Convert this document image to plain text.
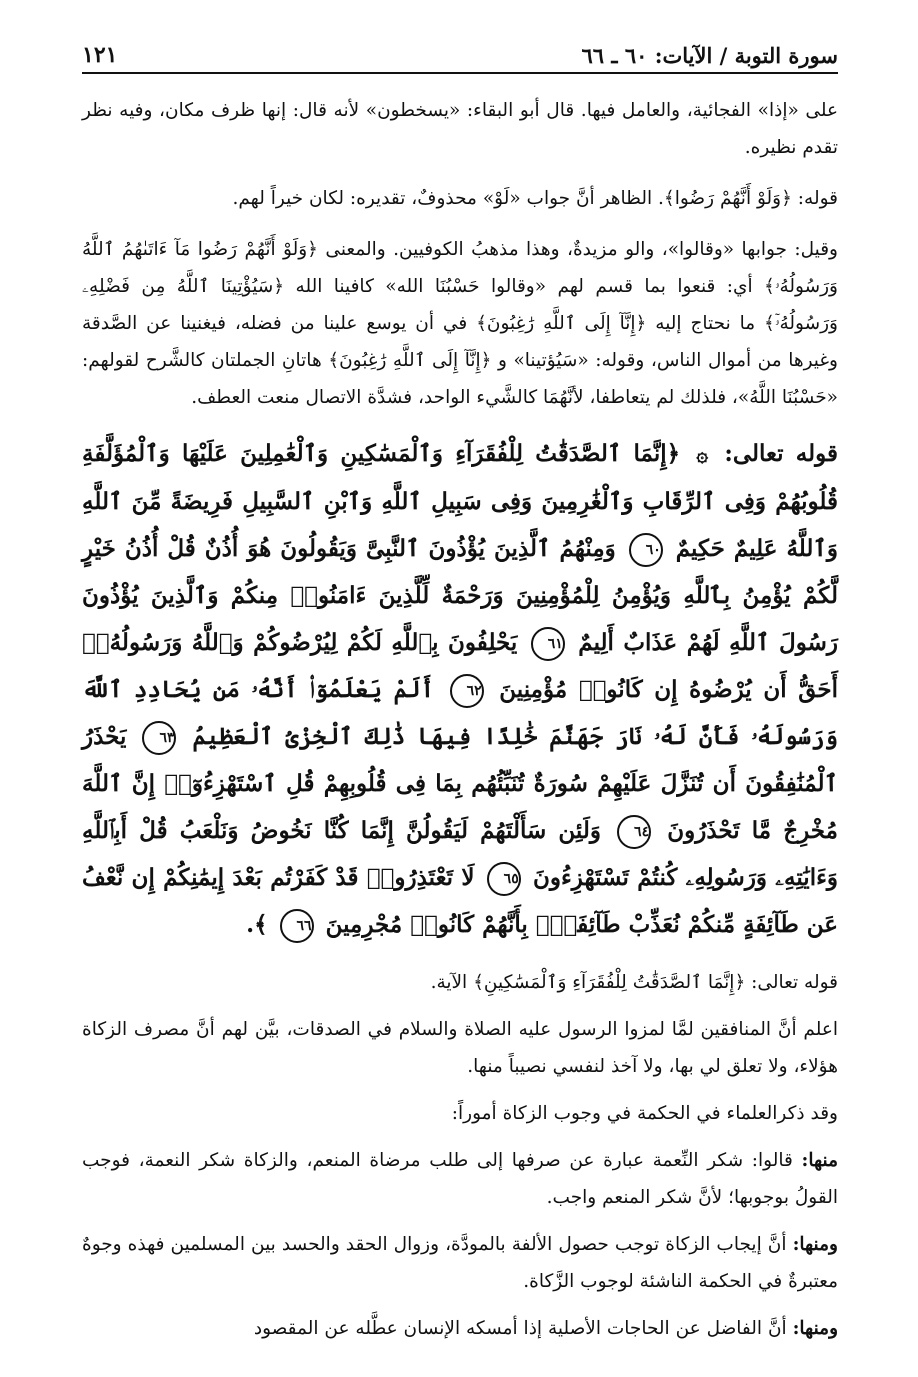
سورة التوبة / الآيات: ٦٠ ـ ٦٦
١٢١

على «إذا» الفجائية، والعامل فيها. قال أبو البقاء: «يسخطون» لأنه قال: إنها ظرف مكان، وفيه نظر تقدم نظيره.

قوله: ﴿وَلَوْ أَنَّهُمْ رَضُوا﴾. الظاهر أنَّ جواب «لَوْ» محذوفٌ، تقديره: لكان خيراً لهم.

وقيل: جوابها «وقالوا»، والو مزيدةٌ، وهذا مذهبُ الكوفيين. والمعنى ﴿وَلَوْ أَنَّهُمْ رَضُوا مَآ ءَاتَىٰهُمُ ٱللَّهُ وَرَسُولُهُۥ﴾ أي: قنعوا بما قسم لهم «وقالوا حَسْبُنَا الله» كافينا الله ﴿سَيُؤْتِينَا ٱللَّهُ مِن فَضْلِهِۦ وَرَسُولُهُۥٓ﴾ ما نحتاج إليه ﴿إِنَّآ إِلَى ٱللَّهِ رَٰغِبُونَ﴾ في أن يوسع علينا من فضله، فيغنينا عن الصَّدقة وغيرها من أموال الناس، وقوله: «سَيُؤتينا» و ﴿إِنَّآ إِلَى ٱللَّهِ رَٰغِبُونَ﴾ هاتانِ الجملتان كالشَّرح لقولهم: «حَسْبُنَا اللَّهُ»، فلذلك لم يتعاطفا، لأنَّهُمَا كالشَّيء الواحد، فشدَّة الاتصال منعت العطف.

قوله تعالى: ۞ ﴿إِنَّمَا ٱلصَّدَقَٰتُ لِلْفُقَرَآءِ وَٱلْمَسَٰكِينِ وَٱلْعَٰمِلِينَ عَلَيْهَا وَٱلْمُؤَلَّفَةِ قُلُوبُهُمْ وَفِى ٱلرِّقَابِ وَٱلْغَٰرِمِينَ وَفِى سَبِيلِ ٱللَّهِ وَٱبْنِ ٱلسَّبِيلِ فَرِيضَةً مِّنَ ٱللَّهِ وَٱللَّهُ عَلِيمٌ حَكِيمٌ ٦٠ وَمِنْهُمُ ٱلَّذِينَ يُؤْذُونَ ٱلنَّبِىَّ وَيَقُولُونَ هُوَ أُذُنٌ قُلْ أُذُنُ خَيْرٍ لَّكُمْ يُؤْمِنُ بِٱللَّهِ وَيُؤْمِنُ لِلْمُؤْمِنِينَ وَرَحْمَةٌ لِّلَّذِينَ ءَامَنُوا۟ مِنكُمْ وَٱلَّذِينَ يُؤْذُونَ رَسُولَ ٱللَّهِ لَهُمْ عَذَابٌ أَلِيمٌ ٦١ يَحْلِفُونَ بِٱللَّهِ لَكُمْ لِيُرْضُوكُمْ وَٱللَّهُ وَرَسُولُهُۥٓ أَحَقُّ أَن يُرْضُوهُ إِن كَانُوا۟ مُؤْمِنِينَ ٦٢ أَلَمْ يَعْلَمُوٓا۟ أَنَّهُۥ مَن يُحَادِدِ ٱللَّهَ وَرَسُولَهُۥ فَأَنَّ لَهُۥ نَارَ جَهَنَّمَ خَٰلِدًا فِيهَا ذَٰلِكَ ٱلْخِزْىُ ٱلْعَظِيمُ ٦٣ يَحْذَرُ ٱلْمُنَٰفِقُونَ أَن تُنَزَّلَ عَلَيْهِمْ سُورَةٌ تُنَبِّئُهُم بِمَا فِى قُلُوبِهِمْ قُلِ ٱسْتَهْزِءُوٓا۟ إِنَّ ٱللَّهَ مُخْرِجٌ مَّا تَحْذَرُونَ ٦٤ وَلَئِن سَأَلْتَهُمْ لَيَقُولُنَّ إِنَّمَا كُنَّا نَخُوضُ وَنَلْعَبُ قُلْ أَبِٱللَّهِ وَءَايَٰتِهِۦ وَرَسُولِهِۦ كُنتُمْ تَسْتَهْزِءُونَ ٦٥ لَا تَعْتَذِرُوا۟ قَدْ كَفَرْتُم بَعْدَ إِيمَٰنِكُمْ إِن نَّعْفُ عَن طَآئِفَةٍ مِّنكُمْ نُعَذِّبْ طَآئِفَةًۢ بِأَنَّهُمْ كَانُوا۟ مُجْرِمِينَ ٦٦ ﴾.

قوله تعالى: ﴿إِنَّمَا ٱلصَّدَقَٰتُ لِلْفُقَرَآءِ وَٱلْمَسَٰكِينِ﴾ الآية.

اعلم أنَّ المنافقين لمَّا لمزوا الرسول عليه الصلاة والسلام في الصدقات، بيَّن لهم أنَّ مصرف الزكاة هؤلاء، ولا تعلق لي بها، ولا آخذ لنفسي نصيباً منها.

وقد ذكرالعلماء في الحكمة في وجوب الزكاة أموراً:

منها: قالوا: شكر النِّعمة عبارة عن صرفها إلى طلب مرضاة المنعم، والزكاة شكر النعمة، فوجب القولُ بوجوبها؛ لأنَّ شكر المنعم واجب.

ومنها: أنَّ إيجاب الزكاة توجب حصول الألفة بالمودَّة، وزوال الحقد والحسد بين المسلمين فهذه وجوهٌ معتبرةٌ في الحكمة الناشئة لوجوب الزَّكاة.

ومنها: أنَّ الفاضل عن الحاجات الأصلية إذا أمسكه الإنسان عطَّله عن المقصود
